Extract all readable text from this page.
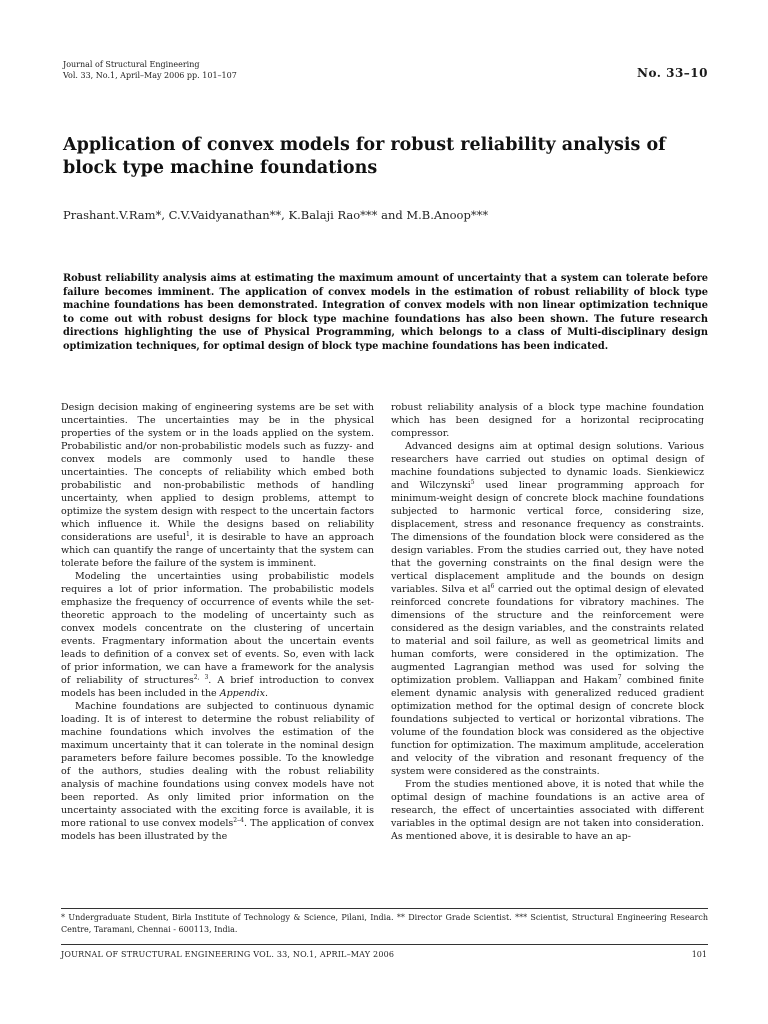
Journal of Structural Engineering
Vol. 33, No.1, April–May 2006 pp. 101–107	No. 33–10
Application of convex models for robust reliability analysis of block type machine foundations
Prashant.V.Ram*, C.V.Vaidyanathan**, K.Balaji Rao*** and M.B.Anoop***
Robust reliability analysis aims at estimating the maximum amount of uncertainty that a system can tolerate before failure becomes imminent. The application of convex models in the estimation of robust reliability of block type machine foundations has been demonstrated. Integration of convex models with non linear optimization technique to come out with robust designs for block type machine foundations has also been shown. The future research directions highlighting the use of Physical Programming, which belongs to a class of Multi-disciplinary design optimization techniques, for optimal design of block type machine foundations has been indicated.

Design decision making of engineering systems are be set with uncertainties. The uncertainties may be in the physical properties of the system or in the loads applied on the system. Probabilistic and/or non-probabilistic models such as fuzzy- and convex models are commonly used to handle these uncertainties. The concepts of reliability which embed both probabilistic and non-probabilistic methods of handling uncertainty, when applied to design problems, attempt to optimize the system design with respect to the uncertain factors which influence it. While the designs based on reliability considerations are useful$^1$, it is desirable to have an approach which can quantify the range of uncertainty that the system can tolerate before the failure of the system is imminent.

Modeling the uncertainties using probabilistic models requires a lot of prior information. The probabilistic models emphasize the frequency of occurrence of events while the set-theoretic approach to the modeling of uncertainty such as convex models concentrate on the clustering of uncertain events. Fragmentary information about the uncertain events leads to definition of a convex set of events. So, even with lack of prior information, we can have a framework for the analysis of reliability of structures$^{2, 3}$. A brief introduction to convex models has been included in the Appendix.

Machine foundations are subjected to continuous dynamic loading. It is of interest to determine the robust reliability of machine foundations which involves the estimation of the maximum uncertainty that it can tolerate in the nominal design parameters before failure becomes possible. To the knowledge of the authors, studies dealing with the robust reliability analysis of machine foundations using convex models have not been reported. As only limited prior information on the uncertainty associated with the exciting force is available, it is more rational to use convex models$^{2-4}$. The application of convex models has been illustrated by the

robust reliability analysis of a block type machine foundation which has been designed for a horizontal reciprocating compressor.

Advanced designs aim at optimal design solutions. Various researchers have carried out studies on optimal design of machine foundations subjected to dynamic loads. Sienkiewicz and Wilczynski$^5$ used linear programming approach for minimum-weight design of concrete block machine foundations subjected to harmonic vertical force, considering size, displacement, stress and resonance frequency as constraints. The dimensions of the foundation block were considered as the design variables. From the studies carried out, they have noted that the governing constraints on the final design were the vertical displacement amplitude and the bounds on design variables. Silva et $al^6$ carried out the optimal design of elevated reinforced concrete foundations for vibratory machines. The dimensions of the structure and the reinforcement were considered as the design variables, and the constraints related to material and soil failure, as well as geometrical limits and human comforts, were considered in the optimization. The augmented Lagrangian method was used for solving the optimization problem. Valliappan and Hakam$^7$ combined finite element dynamic analysis with generalized reduced gradient optimization method for the optimal design of concrete block foundations subjected to vertical or horizontal vibrations. The volume of the foundation block was considered as the objective function for optimization. The maximum amplitude, acceleration and velocity of the vibration and resonant frequency of the system were considered as the constraints.

From the studies mentioned above, it is noted that while the optimal design of machine foundations is an active area of research, the effect of uncertainties associated with different variables in the optimal design are not taken into consideration. As mentioned above, it is desirable to have an ap-

* Undergraduate Student, Birla Institute of Technology & Science, Pilani, India. ** Director Grade Scientist. *** Scientist, Structural Engineering Research Centre, Taramani, Chennai - 600113, India.
JOURNAL OF STRUCTURAL ENGINEERING VOL. 33, NO.1, APRIL–MAY 2006	101
